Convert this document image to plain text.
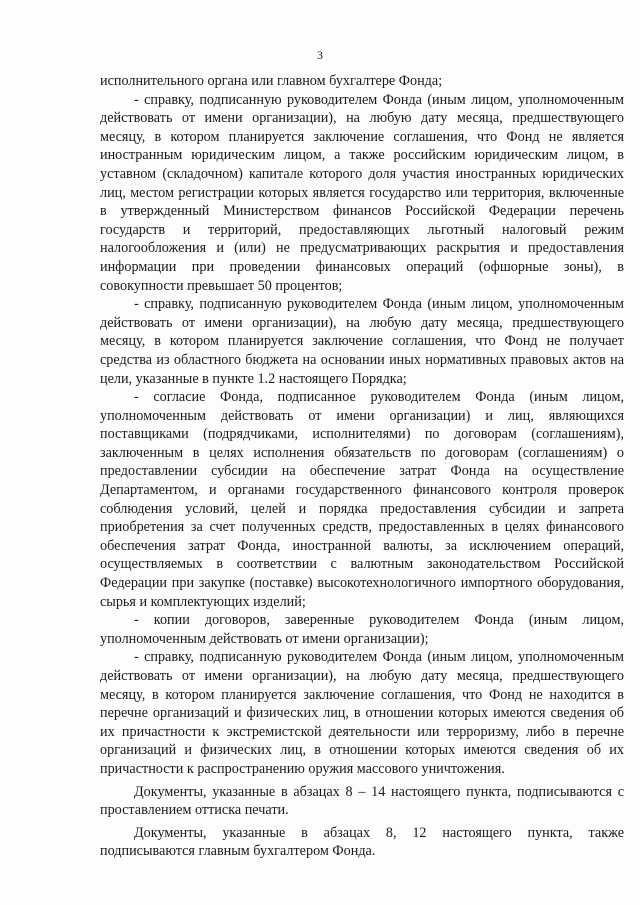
3

исполнительного органа или главном бухгалтере Фонда;

- справку, подписанную руководителем Фонда (иным лицом, уполномоченным действовать от имени организации), на любую дату месяца, предшествующего месяцу, в котором планируется заключение соглашения, что Фонд не является иностранным юридическим лицом, а также российским юридическим лицом, в уставном (складочном) капитале которого доля участия иностранных юридических лиц, местом регистрации которых является государство или территория, включенные в утвержденный Министерством финансов Российской Федерации перечень государств и территорий, предоставляющих льготный налоговый режим налогообложения и (или) не предусматривающих раскрытия и предоставления информации при проведении финансовых операций (офшорные зоны), в совокупности превышает 50 процентов;

- справку, подписанную руководителем Фонда (иным лицом, уполномоченным действовать от имени организации), на любую дату месяца, предшествующего месяцу, в котором планируется заключение соглашения, что Фонд не получает средства из областного бюджета на основании иных нормативных правовых актов на цели, указанные в пункте 1.2 настоящего Порядка;

- согласие Фонда, подписанное руководителем Фонда (иным лицом, уполномоченным действовать от имени организации) и лиц, являющихся поставщиками (подрядчиками, исполнителями) по договорам (соглашениям), заключенным в целях исполнения обязательств по договорам (соглашениям) о предоставлении субсидии на обеспечение затрат Фонда на осуществление Департаментом, и органами государственного финансового контроля проверок соблюдения условий, целей и порядка предоставления субсидии и запрета приобретения за счет полученных средств, предоставленных в целях финансового обеспечения затрат Фонда, иностранной валюты, за исключением операций, осуществляемых в соответствии с валютным законодательством Российской Федерации при закупке (поставке) высокотехнологичного импортного оборудования, сырья и комплектующих изделий;

- копии договоров, заверенные руководителем Фонда (иным лицом, уполномоченным действовать от имени организации);

- справку, подписанную руководителем Фонда (иным лицом, уполномоченным действовать от имени организации), на любую дату месяца, предшествующего месяцу, в котором планируется заключение соглашения, что Фонд не находится в перечне организаций и физических лиц, в отношении которых имеются сведения об их причастности к экстремистской деятельности или терроризму, либо в перечне организаций и физических лиц, в отношении которых имеются сведения об их причастности к распространению оружия массового уничтожения.

Документы, указанные в абзацах 8 – 14 настоящего пункта, подписываются с проставлением оттиска печати.

Документы, указанные в абзацах 8, 12 настоящего пункта, также подписываются главным бухгалтером Фонда.
